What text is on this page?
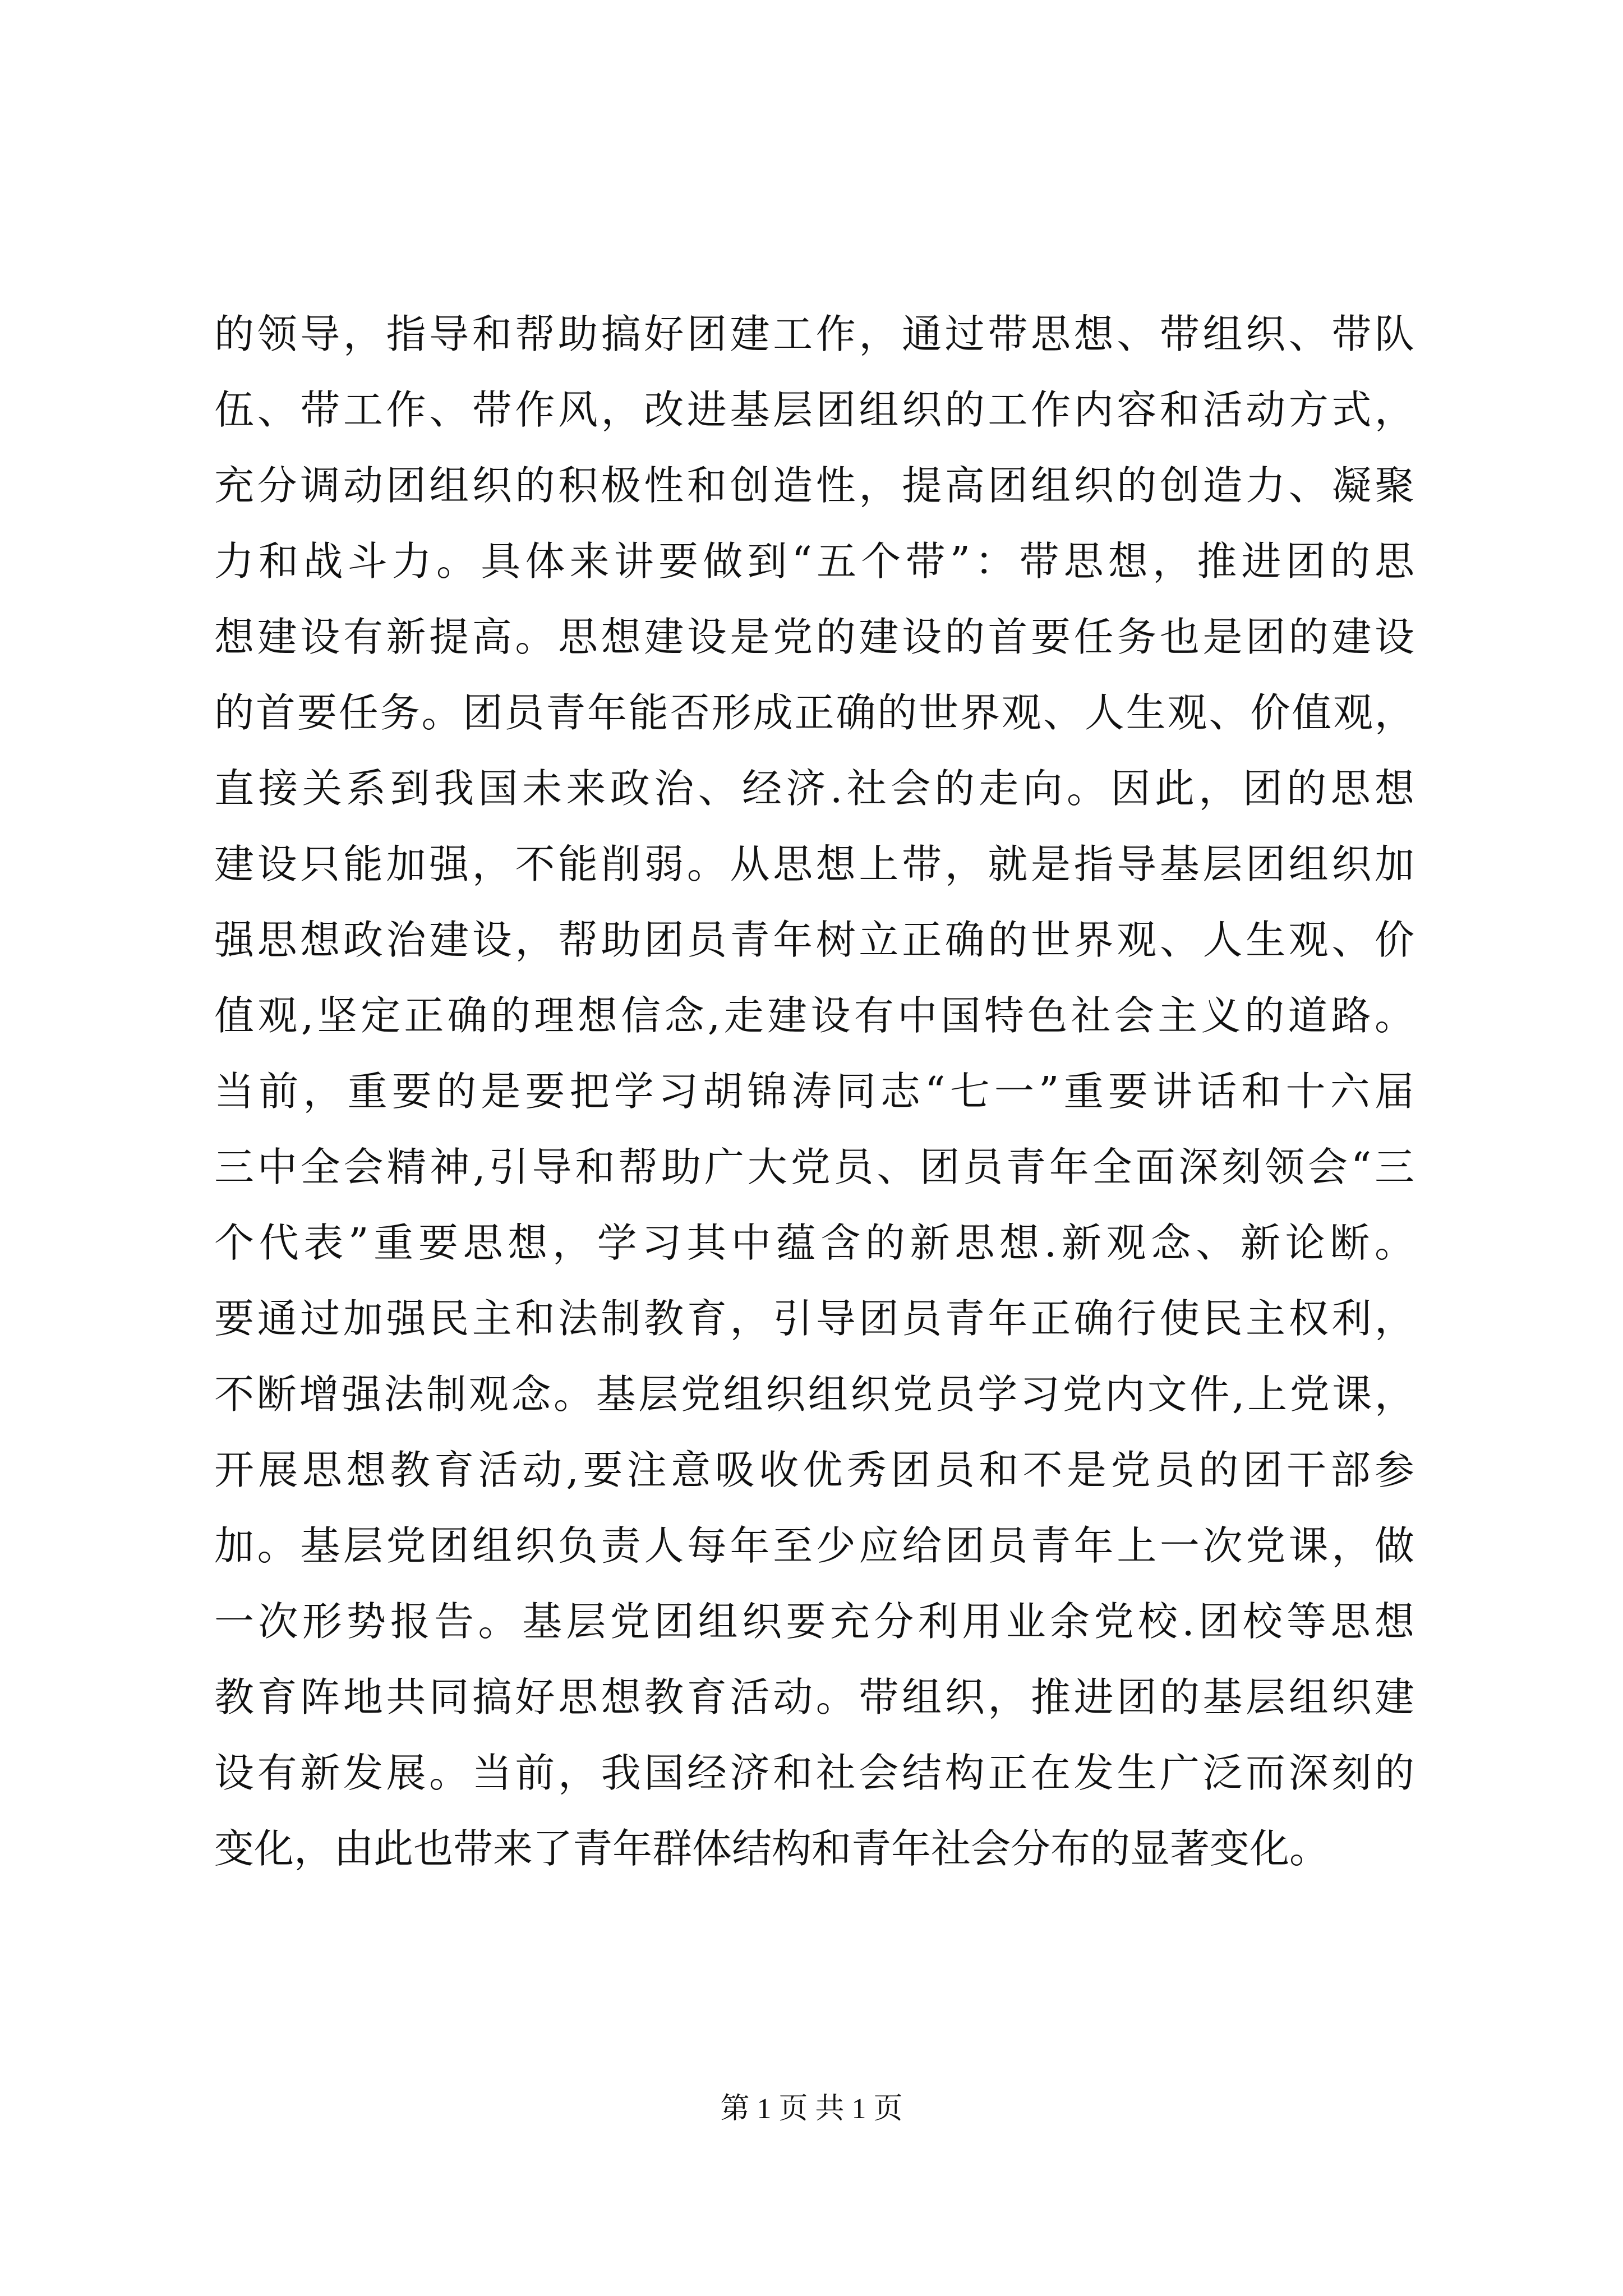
的领导，指导和帮助搞好团建工作，通过带思想、带组织、带队
伍、带工作、带作风，改进基层团组织的工作内容和活动方式，
充分调动团组织的积极性和创造性，提高团组织的创造力、凝聚
力和战斗力。具体来讲要做到“五个带”：带思想，推进团的思
想建设有新提高。思想建设是党的建设的首要任务也是团的建设
的首要任务。团员青年能否形成正确的世界观、人生观、价值观，
直接关系到我国未来政治、经济.社会的走向。因此，团的思想
建设只能加强，不能削弱。从思想上带，就是指导基层团组织加
强思想政治建设，帮助团员青年树立正确的世界观、人生观、价
值观,坚定正确的理想信念,走建设有中国特色社会主义的道路。
当前，重要的是要把学习胡锦涛同志“七一”重要讲话和十六届
三中全会精神,引导和帮助广大党员、团员青年全面深刻领会“三
个代表”重要思想，学习其中蕴含的新思想.新观念、新论断。
要通过加强民主和法制教育，引导团员青年正确行使民主权利，
不断增强法制观念。基层党组织组织党员学习党内文件,上党课，
开展思想教育活动,要注意吸收优秀团员和不是党员的团干部参
加。基层党团组织负责人每年至少应给团员青年上一次党课，做
一次形势报告。基层党团组织要充分利用业余党校.团校等思想
教育阵地共同搞好思想教育活动。带组织，推进团的基层组织建
设有新发展。当前，我国经济和社会结构正在发生广泛而深刻的
变化，由此也带来了青年群体结构和青年社会分布的显著变化。
第 1 页 共 1 页
